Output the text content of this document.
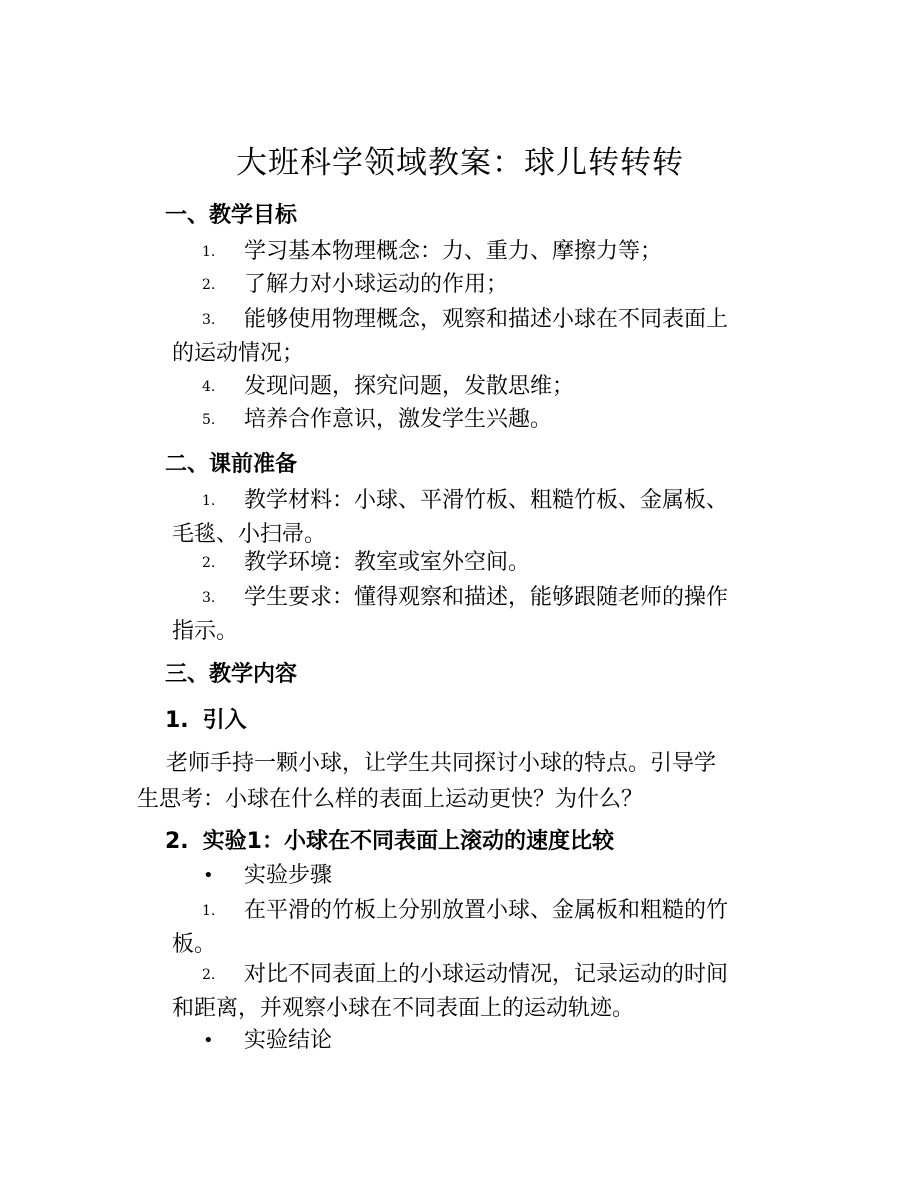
大班科学领域教案：球儿转转转
一、教学目标
1. 学习基本物理概念：力、重力、摩擦力等；
2. 了解力对小球运动的作用；
3. 能够使用物理概念，观察和描述小球在不同表面上
的运动情况；
4. 发现问题，探究问题，发散思维；
5. 培养合作意识，激发学生兴趣。
二、课前准备
1. 教学材料：小球、平滑竹板、粗糙竹板、金属板、
毛毯、小扫帚。
2. 教学环境：教室或室外空间。
3. 学生要求：懂得观察和描述，能够跟随老师的操作
指示。
三、教学内容
1. 引入
老师手持一颗小球，让学生共同探讨小球的特点。引导学
生思考：小球在什么样的表面上运动更快？为什么？
2. 实验1：小球在不同表面上滚动的速度比较
• 实验步骤
1. 在平滑的竹板上分别放置小球、金属板和粗糙的竹
板。
2. 对比不同表面上的小球运动情况，记录运动的时间
和距离，并观察小球在不同表面上的运动轨迹。
• 实验结论
